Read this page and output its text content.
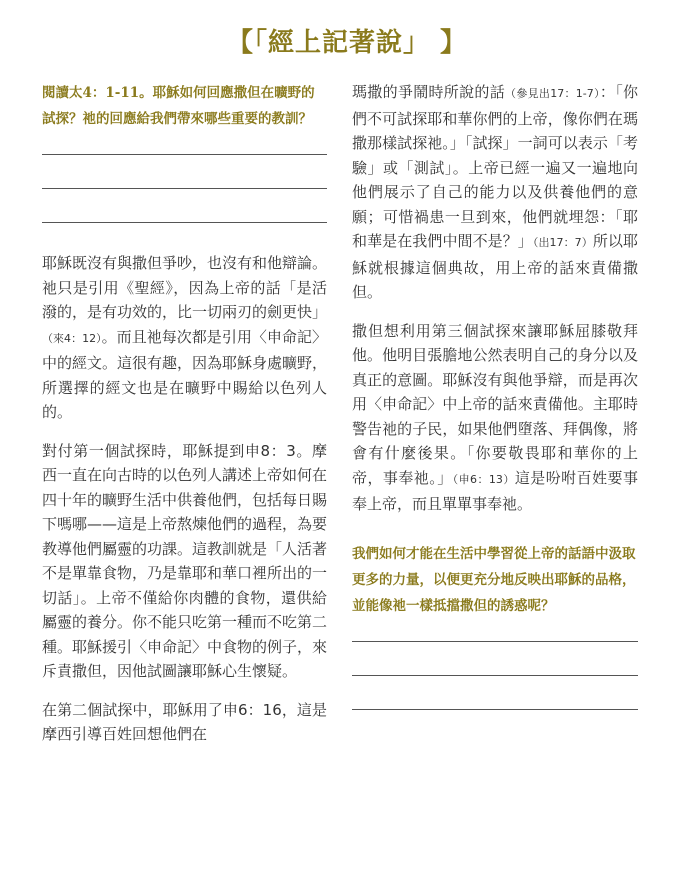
【「經上記著說」 】

閱讀太4：1-11。耶穌如何回應撒但在曠野的試探？祂的回應給我們帶來哪些重要的教訓？

耶穌既沒有與撒但爭吵，也沒有和他辯論。祂只是引用《聖經》，因為上帝的話「是活潑的，是有功效的，比一切兩刃的劍更快」（來4：12）。而且祂每次都是引用〈申命記〉中的經文。這很有趣，因為耶穌身處曠野，所選擇的經文也是在曠野中賜給以色列人的。

對付第一個試探時，耶穌提到申8：3。摩西一直在向古時的以色列人講述上帝如何在四十年的曠野生活中供養他們，包括每日賜下嗎哪——這是上帝熬煉他們的過程，為要教導他們屬靈的功課。這教訓就是「人活著不是單靠食物，乃是靠耶和華口裡所出的一切話」。上帝不僅給你肉體的食物，還供給屬靈的養分。你不能只吃第一種而不吃第二種。耶穌援引〈申命記〉中食物的例子，來斥責撒但，因他試圖讓耶穌心生懷疑。

在第二個試探中，耶穌用了申6：16，這是摩西引導百姓回想他們在

瑪撒的爭鬧時所說的話（參見出17：1-7）：「你們不可試探耶和華你們的上帝，像你們在瑪撒那樣試探祂。」「試探」一詞可以表示「考驗」或「測試」。上帝已經一遍又一遍地向他們展示了自己的能力以及供養他們的意願；可惜禍患一旦到來，他們就埋怨：「耶和華是在我們中間不是？」（出17：7）所以耶穌就根據這個典故，用上帝的話來責備撒但。

撒但想利用第三個試探來讓耶穌屈膝敬拜他。他明目張膽地公然表明自己的身分以及真正的意圖。耶穌沒有與他爭辯，而是再次用〈申命記〉中上帝的話來責備他。主耶時警告祂的子民，如果他們墮落、拜偶像，將會有什麼後果。「你要敬畏耶和華你的上帝，事奉祂。」（申6：13）這是吩咐百姓要事奉上帝，而且單單事奉祂。

我們如何才能在生活中學習從上帝的話語中汲取更多的力量，以便更充分地反映出耶穌的品格，並能像祂一樣抵擋撒但的誘惑呢？
